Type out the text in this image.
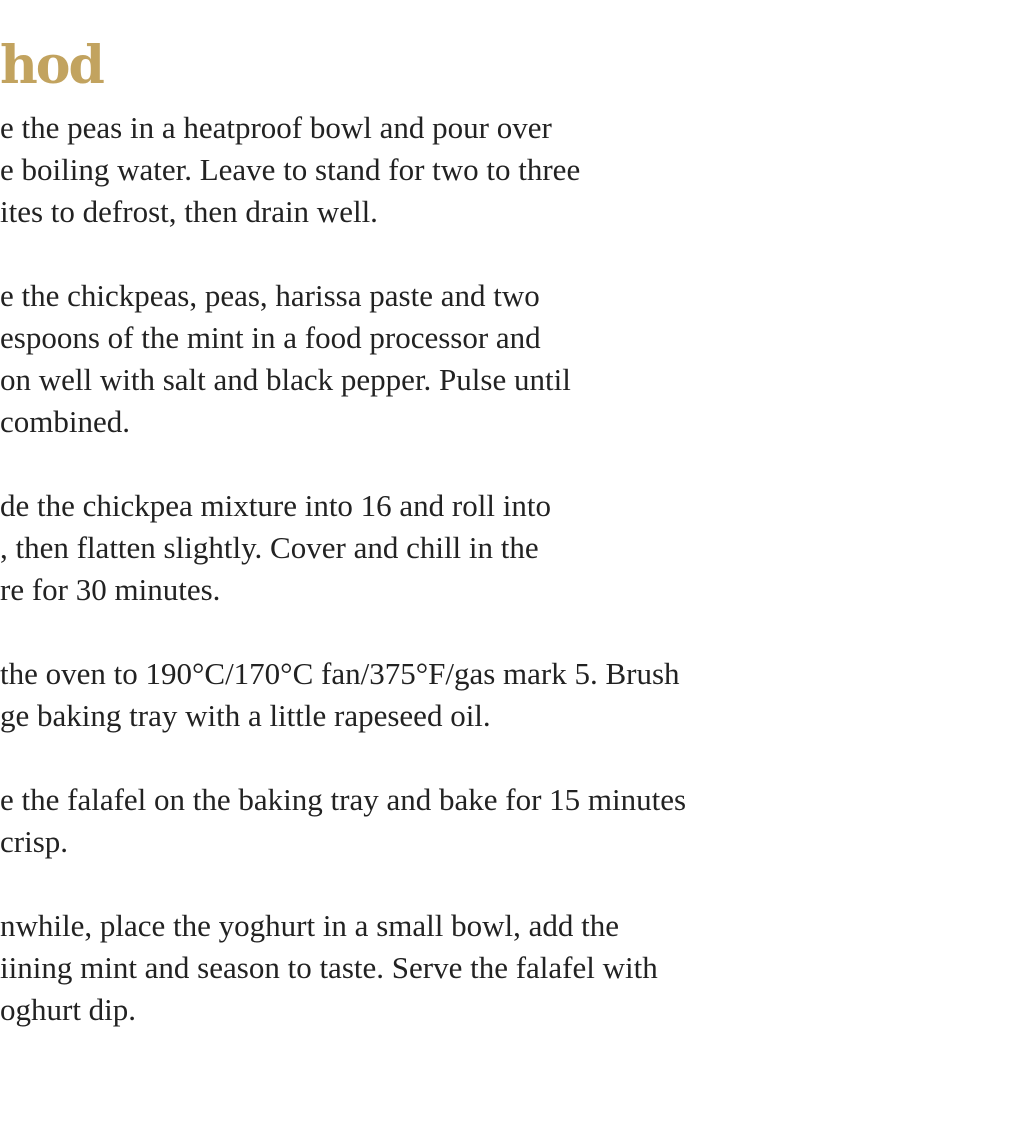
hod

e the peas in a heatproof bowl and pour over
e boiling water. Leave to stand for two to three
ites to defrost, then drain well.

e the chickpeas, peas, harissa paste and two
espoons of the mint in a food processor and
on well with salt and black pepper. Pulse until
combined.

de the chickpea mixture into 16 and roll into
, then flatten slightly. Cover and chill in the
re for 30 minutes.

the oven to 190°C/170°C fan/375°F/gas mark 5. Brush
ge baking tray with a little rapeseed oil.

e the falafel on the baking tray and bake for 15 minutes
crisp.

nwhile, place the yoghurt in a small bowl, add the
iining mint and season to taste. Serve the falafel with
oghurt dip.
